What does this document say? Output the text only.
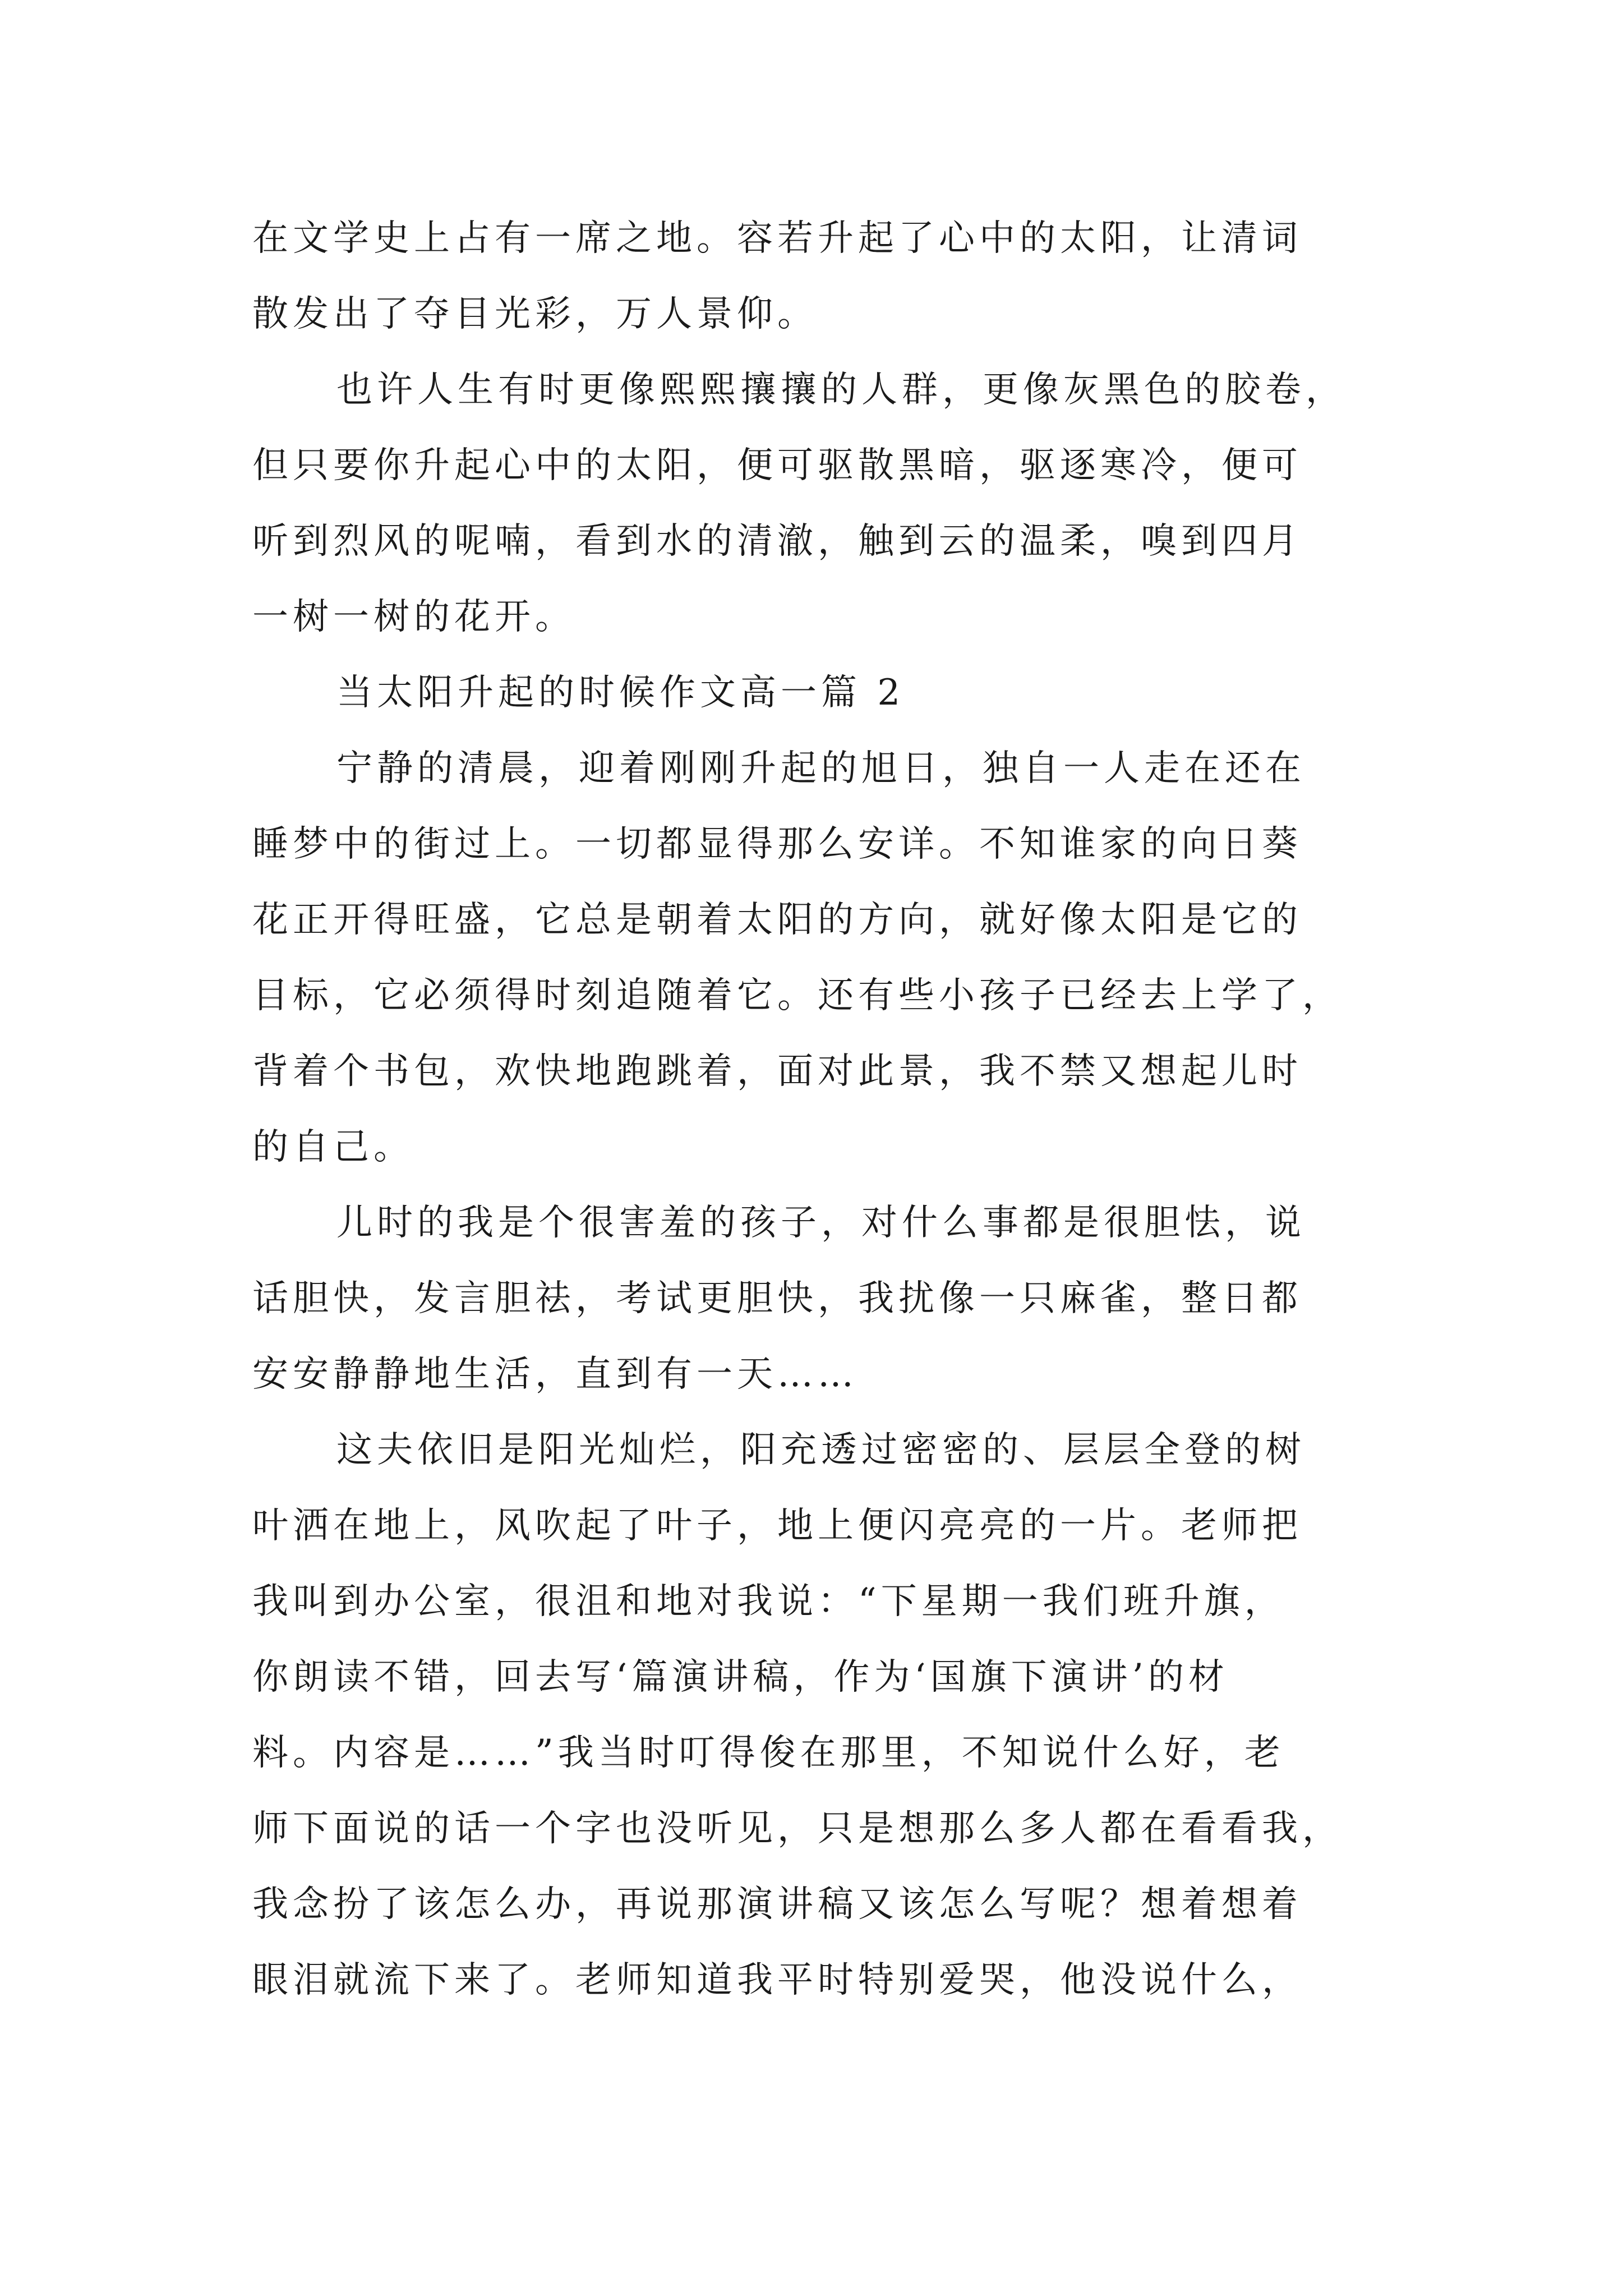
在文学史上占有一席之地。容若升起了心中的太阳，让清词
散发出了夺目光彩，万人景仰。
也许人生有时更像熙熙攘攘的人群，更像灰黑色的胶卷，
但只要你升起心中的太阳，便可驱散黑暗，驱逐寒冷，便可
听到烈风的呢喃，看到水的清澈，触到云的温柔，嗅到四月
一树一树的花开。
当太阳升起的时候作文高一篇 2
宁静的清晨，迎着刚刚升起的旭日，独自一人走在还在
睡梦中的街过上。一切都显得那么安详。不知谁家的向日葵
花正开得旺盛，它总是朝着太阳的方向，就好像太阳是它的
目标，它必须得时刻追随着它。还有些小孩子已经去上学了，
背着个书包，欢快地跑跳着，面对此景，我不禁又想起儿时
的自己。
儿时的我是个很害羞的孩子，对什么事都是很胆怯，说
话胆快，发言胆祛，考试更胆快，我扰像一只麻雀，整日都
安安静静地生活，直到有一天……
这夫依旧是阳光灿烂，阳充透过密密的、层层全登的树
叶洒在地上，风吹起了叶子，地上便闪亮亮的一片。老师把
我叫到办公室，很沮和地对我说：“下星期一我们班升旗，
你朗读不错，回去写‘篇演讲稿，作为‘国旗下演讲’的材
料。内容是……”我当时叮得俊在那里，不知说什么好，老
师下面说的话一个字也没听见，只是想那么多人都在看看我，
我念扮了该怎么办，再说那演讲稿又该怎么写呢？想着想着
眼泪就流下来了。老师知道我平时特别爱哭，他没说什么，
